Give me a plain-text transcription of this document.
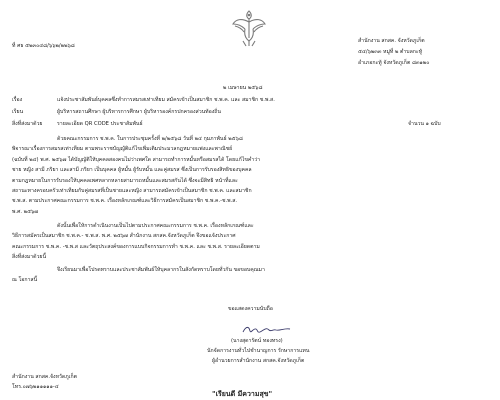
ที่ ศธ ๕๒๓๐๔๘/๖๖๒/๒๒๖๘
สำนักงาน สกสค. จังหวัดภูเก็ต
๕๔/๖๒๓๓ หมู่ที่ ๒ ตำบลกะทู้
อำเภอกะทู้ จังหวัดภูเก็ต ๘๓๑๒๐
๒ เมษายน ๒๕๖๘
เรื่อง	แจ้งประชาสัมพันธ์บุคคลซึ่งทำการสมรสเท่าเทียม สมัครเข้าเป็นสมาชิก ช.พ.ค. และ สมาชิก ช.พ.ส.
เรียน	ผู้บริหารสถานศึกษา ผู้บริหารการศึกษา ผู้บริหารองค์กรปกครองส่วนท้องถิ่น
สิ่งที่ส่งมาด้วย	รายละเอียด QR CODE ประชาสัมพันธ์	จำนวน ๑ ฉบับ
ด้วยคณะกรรมการ ช.พ.ค. ในการประชุมครั้งที่ ๒/๒๕๖๘ วันที่ ๒๔ กุมภาพันธ์ ๒๕๖๘
พิจารณาเรื่องการสมรสเท่าเทียม ตามพระราชบัญญัติแก้ไขเพิ่มเติมประมวลกฎหมายแพ่งและพาณิชย์
(ฉบับที่ ๒๔) พ.ศ. ๒๕๖๗ ได้บัญญัติให้บุคคลสองคนไม่ว่าเพศใด สามารถทำการหมั้นหรือสมรสได้ โดยแก้ไขคำว่า
ชาย หญิง สามี ภริยา และสามี ภริยา เป็นบุคคล ผู้หมั้น ผู้รับหมั้น และคู่สมรส ซึ่งเป็นการรับรองสิทธิของบุคคล
ตามกฎหมายในการรับรองให้บุคคลเพศหลากหลายสามารถหมั้นและสมรสกันได้ ซึ่งจะมีสิทธิ หน้าที่และ
สถานะทางครอบครัวเท่าเทียมกับคู่สมรสที่เป็นชายและหญิง สามารถสมัครเข้าเป็นสมาชิก ช.พ.ค. และสมาชิก
ช.พ.ส. ตามประกาศคณะกรรมการ ช.พ.ค. เรื่องหลักเกณฑ์และวิธีการสมัครเป็นสมาชิก ช.พ.ค.-ช.พ.ส.
พ.ศ. ๒๕๖๗
ดังนั้นเพื่อให้การดำเนินงานเป็นไปตามประกาศคณะกรรมการ ช.พ.ค. เรื่องหลักเกณฑ์และ
วิธีการสมัครเป็นสมาชิก ช.พ.ค.- ช.พ.ส. พ.ศ. ๒๕๖๗ สำนักงาน สกสค.จังหวัดภูเก็ต จึงขอแจ้งประกาศ
คณะกรรมการ ช.พ.ค. -ช.พ.ส และวัตถุประสงค์ของการแบบกิจกรรมการทำ ช.พ.ค. และ ช.พ.ส. รายละเอียดตาม
สิ่งที่ส่งมาด้วยนี้
จึงเรียนมาเพื่อโปรดทราบและประชาสัมพันธ์ให้บุคลากรในสังกัดทราบโดยทั่วกัน ขอขอบคุณมา
ณ โอกาสนี้
ขอแสดงความนับถือ
(นางสุดารัตน์ ทองทรง)
นักจัดการงานทั่วไปชำนาญการ รักษาการแทน
ผู้อำนวยการสำนักงาน สกสค.จังหวัดภูเก็ต
สำนักงาน สกสค.จังหวัดภูเก็ต
โทร.๐๗๖๒๑๑๑๑๑-๔
"เรียนดี มีความสุข"
